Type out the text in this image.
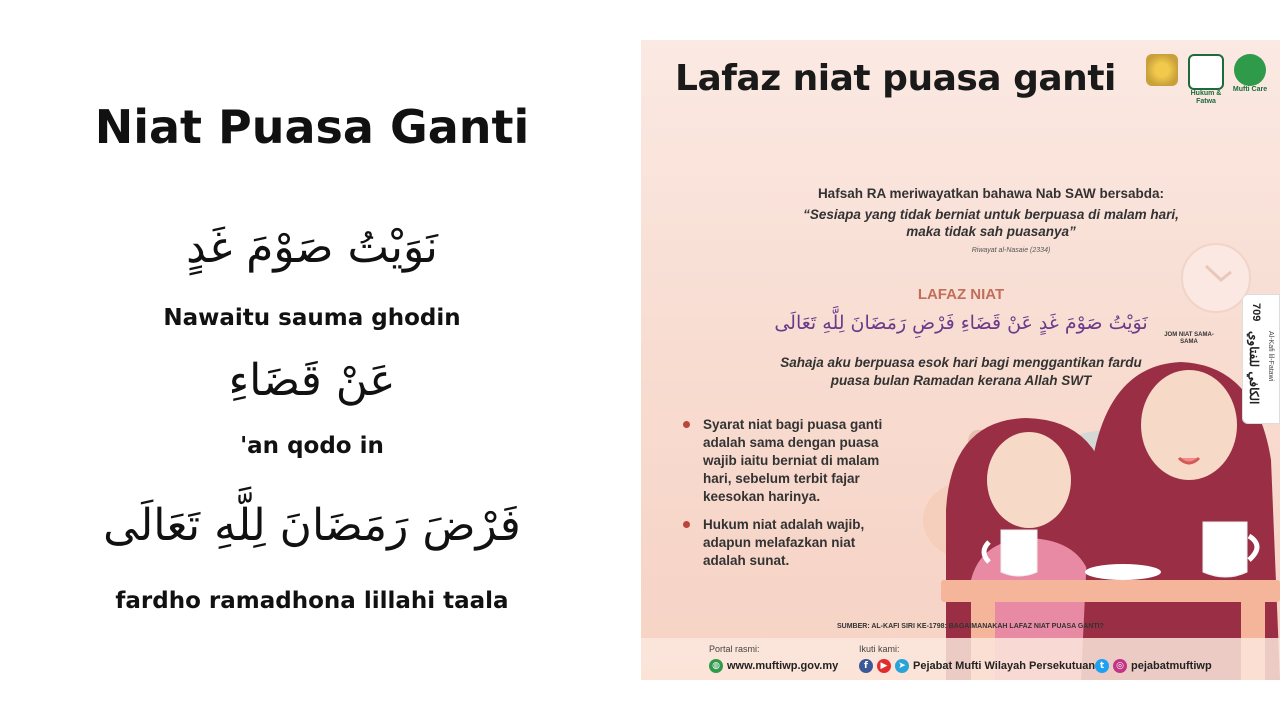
Niat Puasa Ganti
نَوَيْتُ صَوْمَ غَدٍ
Nawaitu sauma ghodin
عَنْ قَضَاءِ
'an qodo in
فَرْضَ رَمَضَانَ لِلَّهِ تَعَالَى
fardho ramadhona lillahi taala
Lafaz niat puasa ganti	Hukum & Fatwa
Mufti Care
Hafsah RA meriwayatkan bahawa Nab SAW bersabda:
“Sesiapa yang tidak berniat untuk berpuasa di malam hari,
maka tidak sah puasanya”
Riwayat al-Nasaie (2334)
LAFAZ NIAT
نَوَيْتُ صَوْمَ غَدٍ عَنْ قَضَاءِ فَرْضِ رَمَضَانَ لِلَّهِ تَعَالَى
Sahaja aku berpuasa esok hari bagi menggantikan fardu
puasa bulan Ramadan kerana Allah SWT
Syarat niat bagi puasa ganti
adalah sama dengan puasa
wajib iaitu berniat di malam
hari, sebelum terbit fajar
keesokan harinya.
Hukum niat adalah wajib,
adapun melafazkan niat
adalah sunat.
709
الكافي للفتاوي Al-Kafi lil-Fatawi
JOM NIAT SAMA-SAMA
SUMBER: AL-KAFI SIRI KE-1798: BAGAIMANAKAH LAFAZ NIAT PUASA GANTI?
Portal rasmi:
◍ www.muftiwp.gov.my
Ikuti kami:
f	▶	➤ Pejabat Mufti Wilayah Persekutuan t	◎ pejabatmuftiwp
